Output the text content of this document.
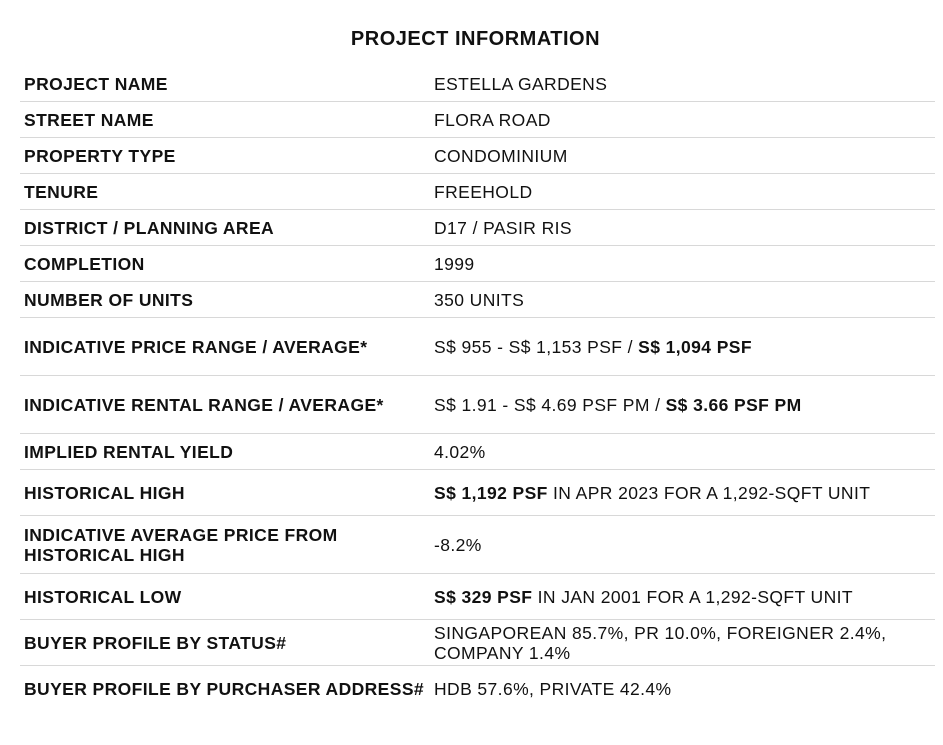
PROJECT INFORMATION
PROJECT NAME	ESTELLA GARDENS
STREET NAME	FLORA ROAD
PROPERTY TYPE	CONDOMINIUM
TENURE	FREEHOLD
DISTRICT / PLANNING AREA	D17 / PASIR RIS
COMPLETION	1999
NUMBER OF UNITS	350 UNITS
INDICATIVE PRICE RANGE / AVERAGE*	S$ 955 - S$ 1,153 PSF / S$ 1,094 PSF
INDICATIVE RENTAL RANGE / AVERAGE*	S$ 1.91 - S$ 4.69 PSF PM / S$ 3.66 PSF PM
IMPLIED RENTAL YIELD	4.02%
HISTORICAL HIGH	S$ 1,192 PSF IN APR 2023 FOR A 1,292-SQFT UNIT
INDICATIVE AVERAGE PRICE FROM HISTORICAL HIGH	-8.2%
HISTORICAL LOW	S$ 329 PSF IN JAN 2001 FOR A 1,292-SQFT UNIT
BUYER PROFILE BY STATUS#	SINGAPOREAN 85.7%, PR 10.0%, FOREIGNER 2.4%, COMPANY 1.4%
BUYER PROFILE BY PURCHASER ADDRESS#	HDB 57.6%, PRIVATE 42.4%
